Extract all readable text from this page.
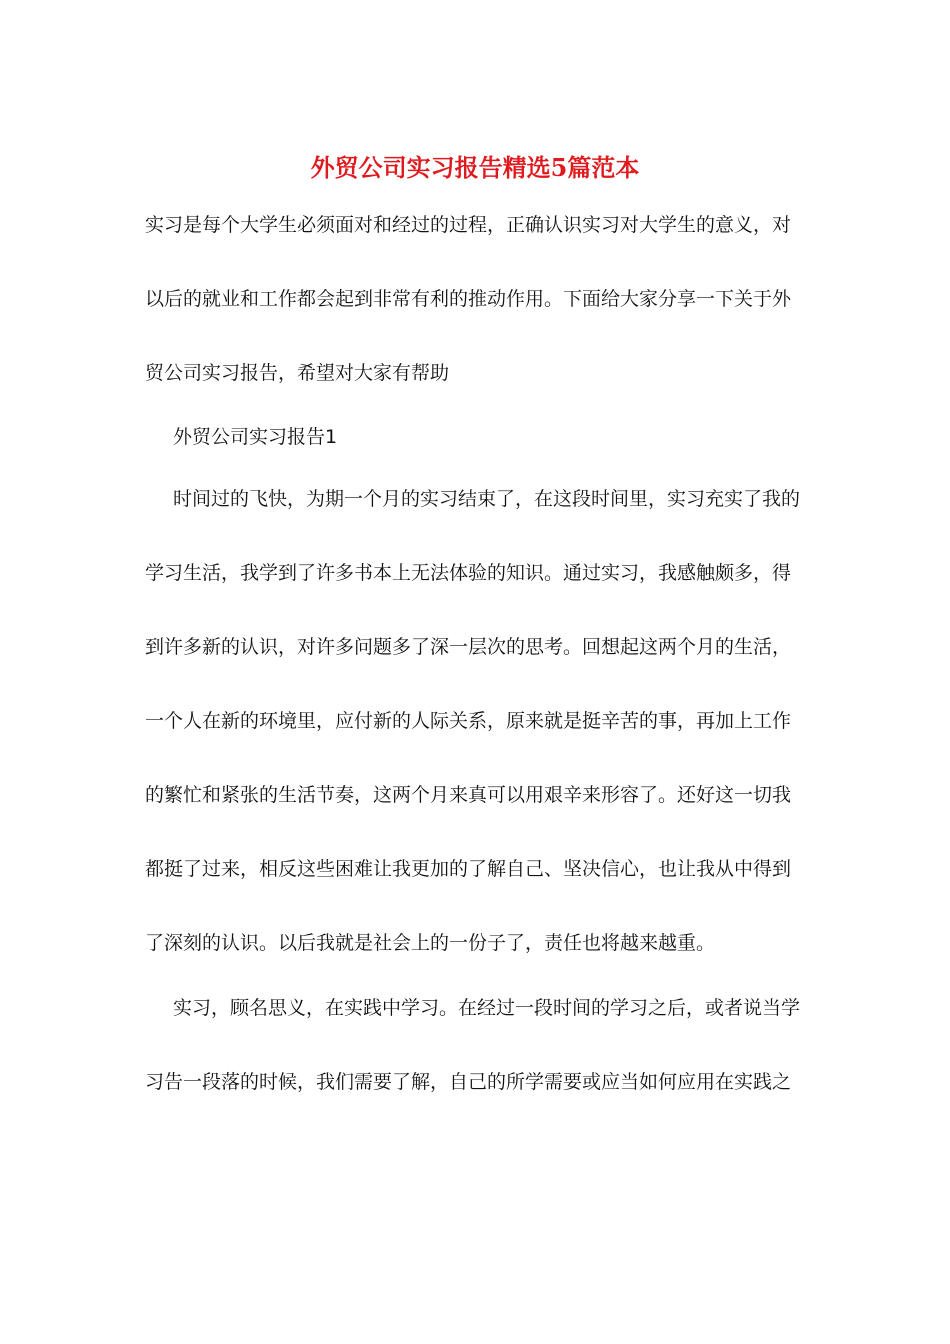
外贸公司实习报告精选5篇范本

实习是每个大学生必须面对和经过的过程，正确认识实习对大学生的意义，对

以后的就业和工作都会起到非常有利的推动作用。下面给大家分享一下关于外

贸公司实习报告，希望对大家有帮助

外贸公司实习报告1

时间过的飞快，为期一个月的实习结束了，在这段时间里，实习充实了我的

学习生活，我学到了许多书本上无法体验的知识。通过实习，我感触颇多，得

到许多新的认识，对许多问题多了深一层次的思考。回想起这两个月的生活，

一个人在新的环境里，应付新的人际关系，原来就是挺辛苦的事，再加上工作

的繁忙和紧张的生活节奏，这两个月来真可以用艰辛来形容了。还好这一切我

都挺了过来，相反这些困难让我更加的了解自己、坚决信心，也让我从中得到

了深刻的认识。以后我就是社会上的一份子了，责任也将越来越重。

实习，顾名思义，在实践中学习。在经过一段时间的学习之后，或者说当学

习告一段落的时候，我们需要了解，自己的所学需要或应当如何应用在实践之
